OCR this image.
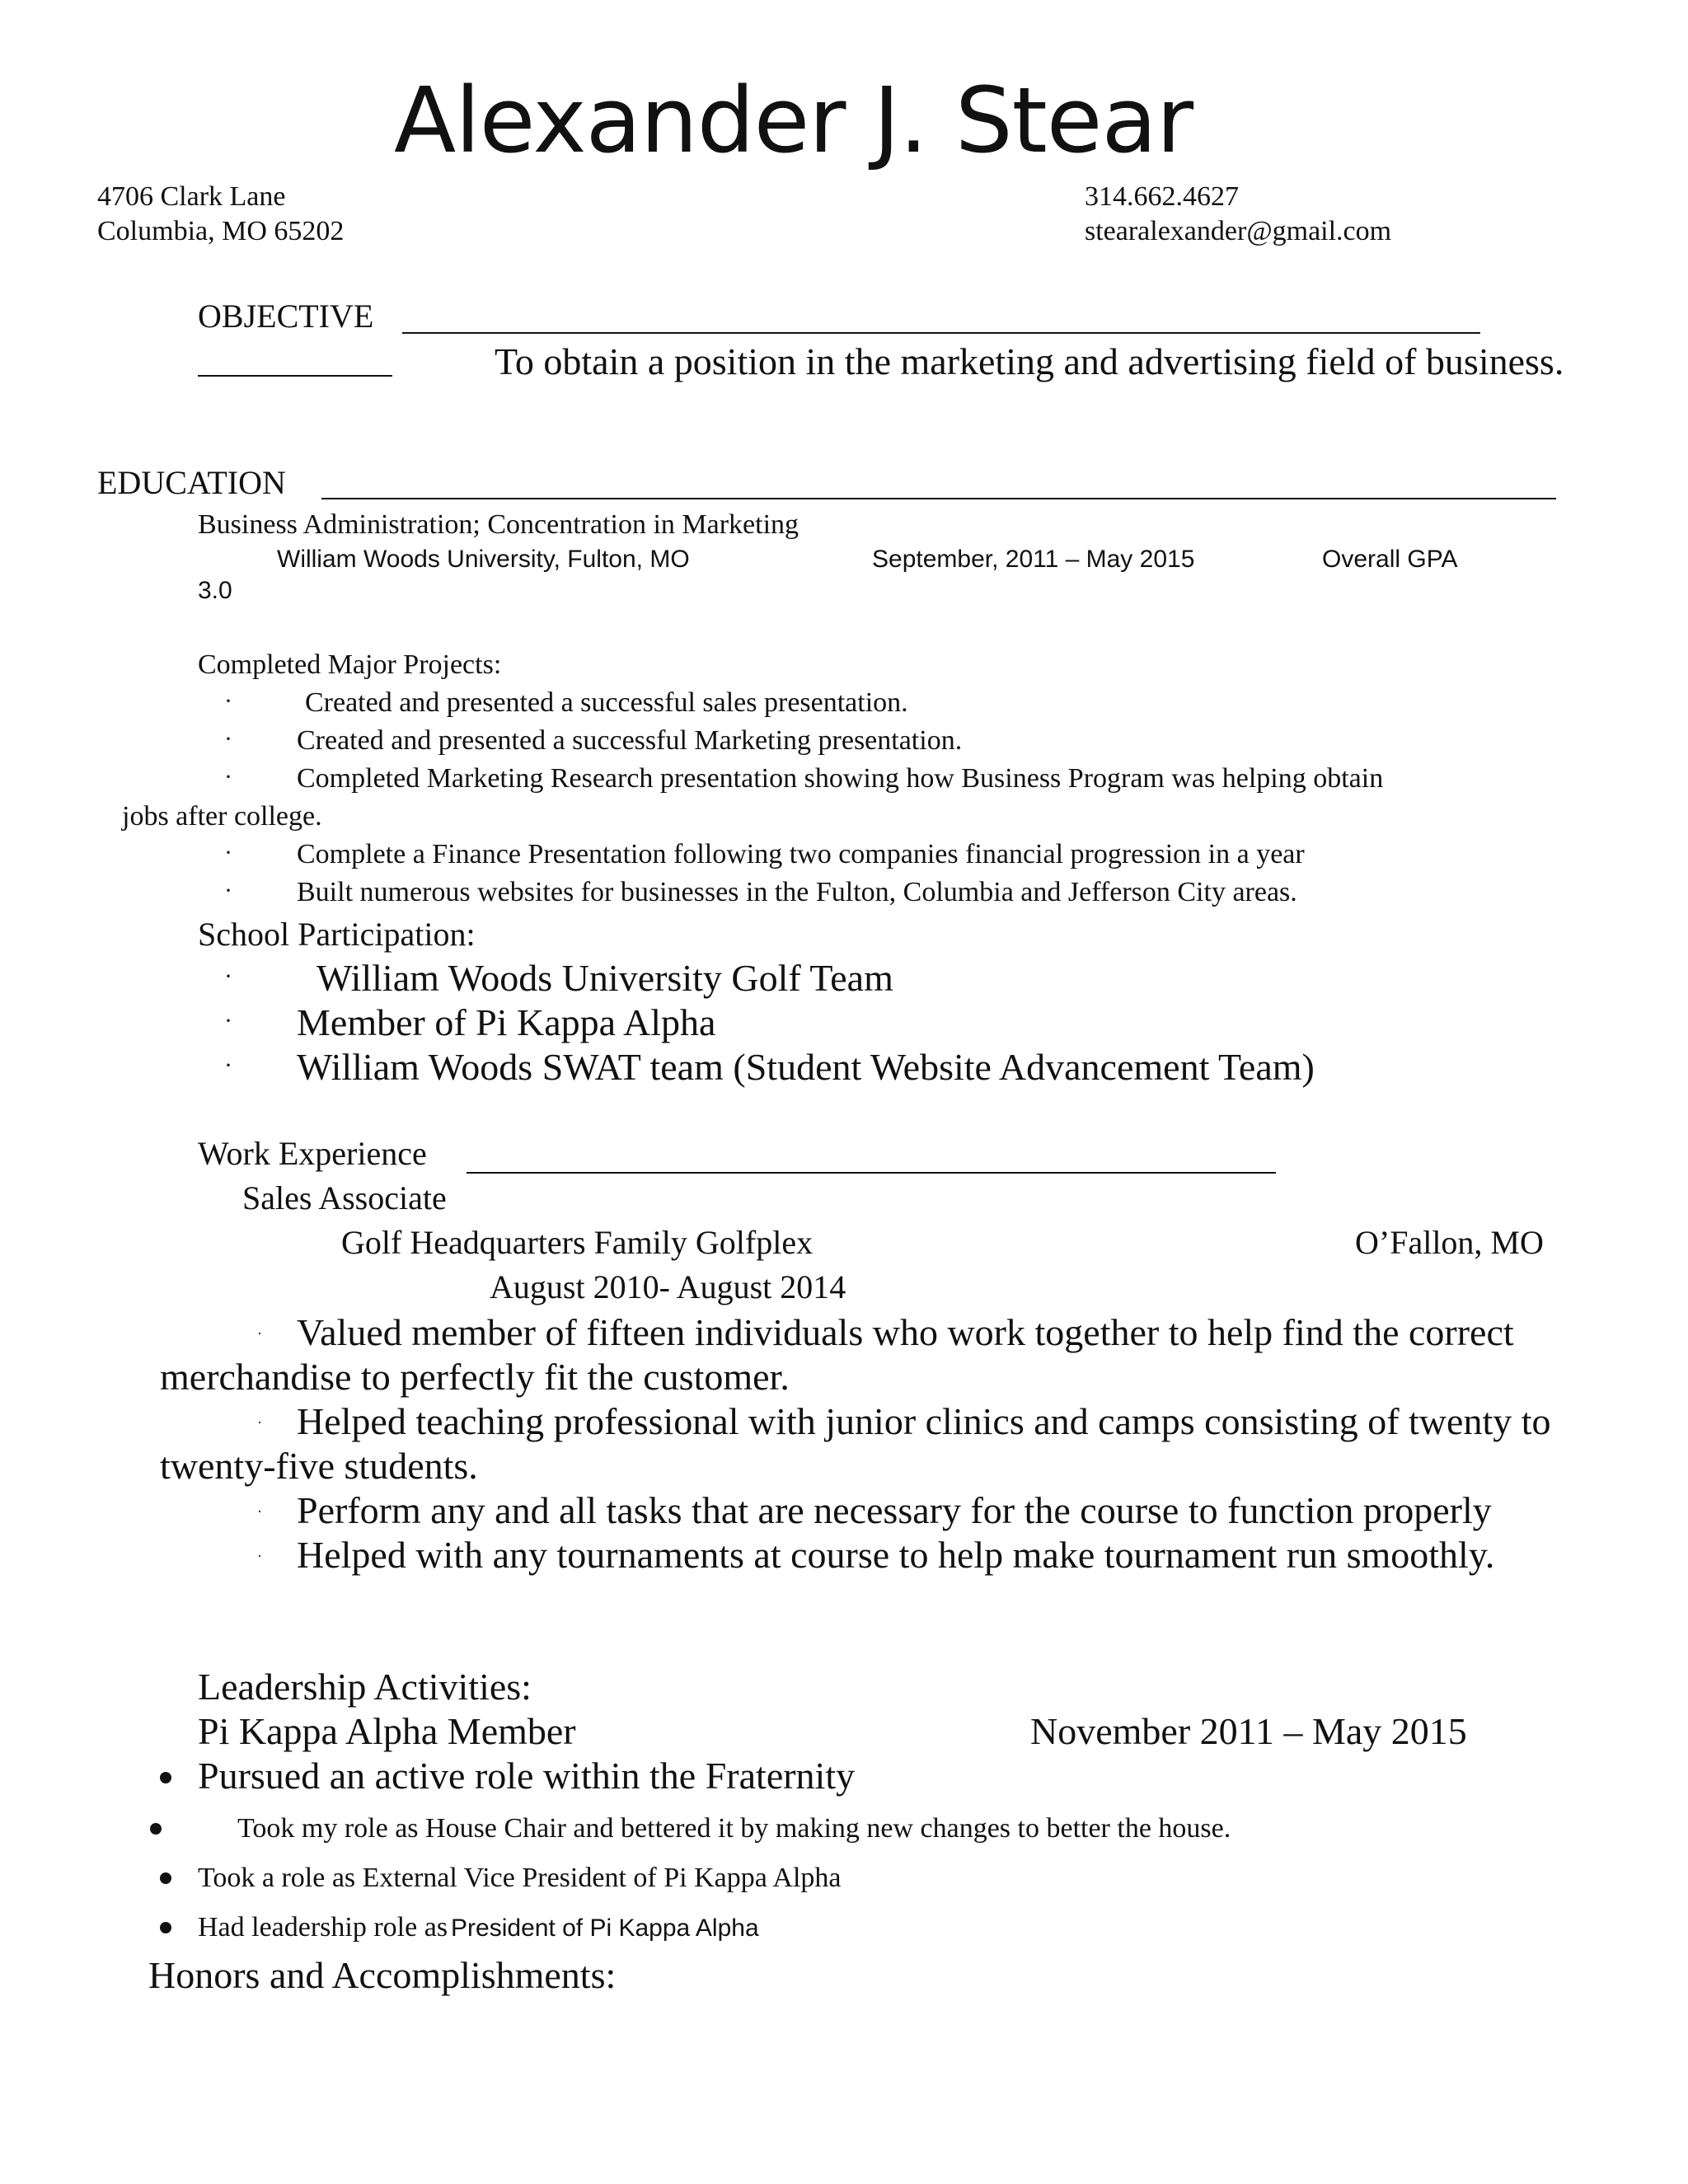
Alexander J. Stear
4706 Clark Lane
Columbia, MO 65202
314.662.4627
stearalexander@gmail.com
OBJECTIVE
To obtain a position in the marketing and advertising field of business.
EDUCATION
Business Administration; Concentration in Marketing
William Woods University, Fulton, MO	September, 2011 – May 2015	Overall GPA
3.0
Completed Major Projects:
·	Created and presented a successful sales presentation.
· Created and presented a successful Marketing presentation.
· Completed Marketing Research presentation showing how Business Program was helping obtain
jobs after college.
· Complete a Finance Presentation following two companies financial progression in a year
· Built numerous websites for businesses in the Fulton, Columbia and Jefferson City areas.
School Participation:
· William Woods University Golf Team
· Member of Pi Kappa Alpha
· William Woods SWAT team (Student Website Advancement Team)
Work Experience
Sales Associate
Golf Headquarters Family Golfplex	O’Fallon, MO
August 2010- August 2014
· Valued member of fifteen individuals who work together to help find the correct
merchandise to perfectly fit the customer.
· Helped teaching professional with junior clinics and camps consisting of twenty to
twenty-five students.
· Perform any and all tasks that are necessary for the course to function properly
· Helped with any tournaments at course to help make tournament run smoothly.
Leadership Activities:
Pi Kappa Alpha Member	November 2011 – May 2015
Pursued an active role within the Fraternity
Took my role as House Chair and bettered it by making new changes to better the house.
Took a role as External Vice President of Pi Kappa Alpha
Had leadership role as President of Pi Kappa Alpha
Honors and Accomplishments:
